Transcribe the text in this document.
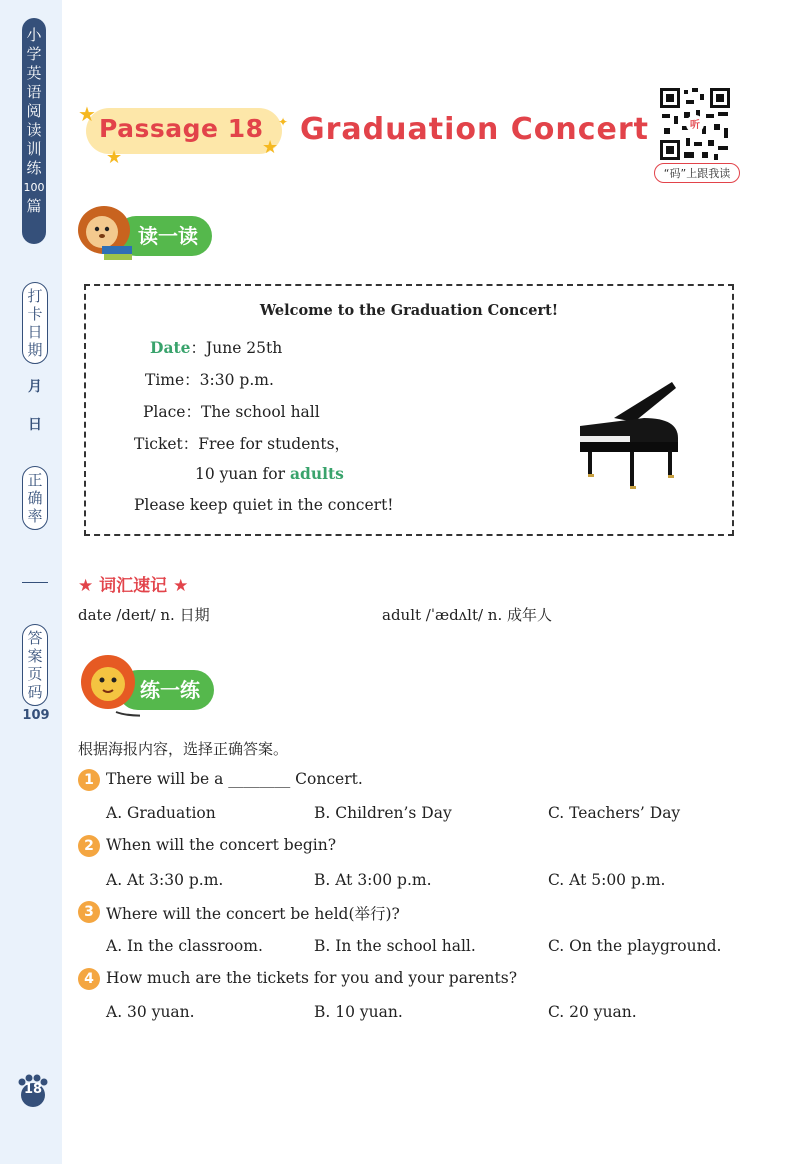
小
学
英
语
阅
读
训
练
100
篇
打
卡
日
期
月
日
正
确
率
答
案
页
码
109
★
★	★
✦
Passage 18 Graduation Concert	听
“码”上跟我读
读一读
Welcome to the Graduation Concert!
Date：June 25th
Time：3:30 p.m.
Place：The school hall
Ticket：Free for students，
10 yuan for adults
Please keep quiet in the concert!
★ 词汇速记 ★
date /deɪt/ n. 日期	adult /ˈædʌlt/ n. 成年人
练一练
根据海报内容，选择正确答案。
1 There will be a ________ Concert.
A. Graduation	B. Children’s Day	C. Teachers’ Day
2 When will the concert begin?
A. At 3:30 p.m.	B. At 3:00 p.m.	C. At 5:00 p.m.
3 Where will the concert be held(举行)?
A. In the classroom.	B. In the school hall.	C. On the playground.
4 How much are the tickets for you and your parents?
A. 30 yuan.	B. 10 yuan.	C. 20 yuan.
18
